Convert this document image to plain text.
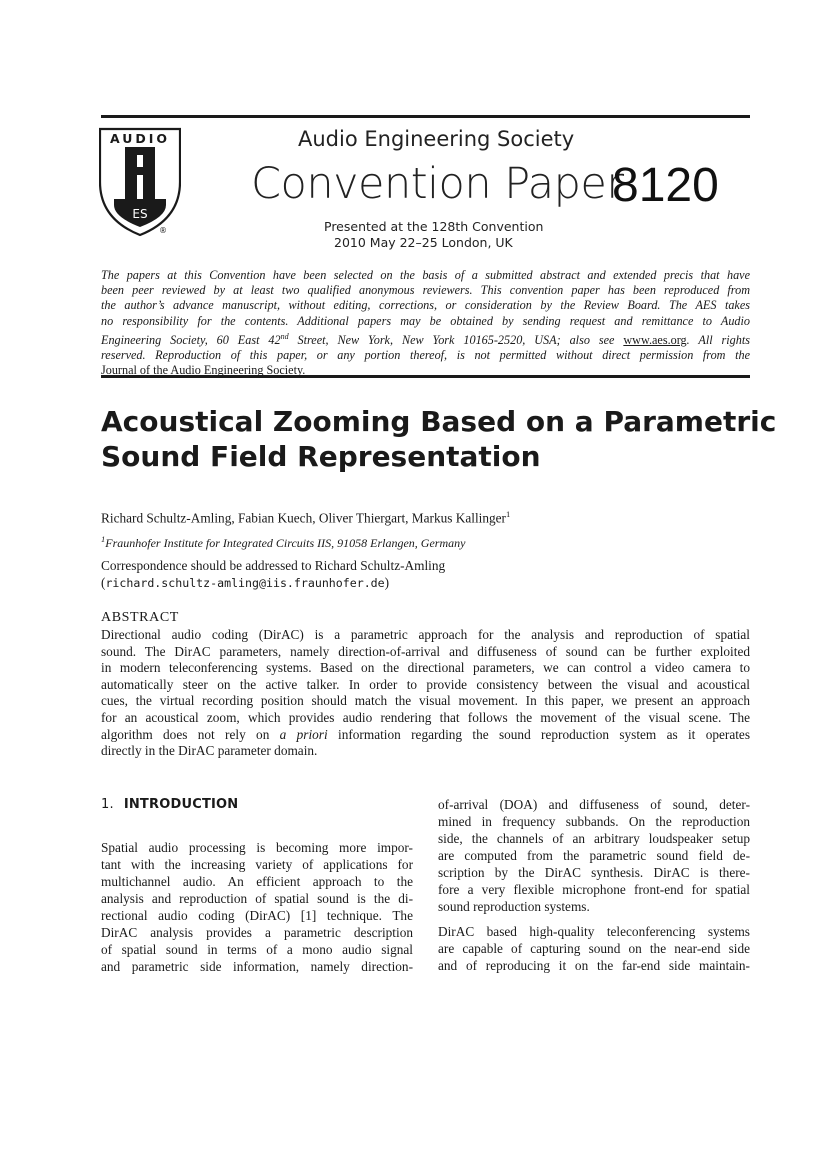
AUDIO
ES
®
Audio Engineering Society
Convention Paper
8120
Presented at the 128th Convention
2010 May 22–25 London, UK
The papers at this Convention have been selected on the basis of a submitted abstract and extended precis that have
been peer reviewed by at least two qualified anonymous reviewers. This convention paper has been reproduced from
the author’s advance manuscript, without editing, corrections, or consideration by the Review Board. The AES takes
no responsibility for the contents. Additional papers may be obtained by sending request and remittance to Audio
Engineering Society, 60 East 42nd Street, New York, New York 10165-2520, USA; also see www.aes.org. All rights
reserved. Reproduction of this paper, or any portion thereof, is not permitted without direct permission from the
Journal of the Audio Engineering Society.
Acoustical Zooming Based on a Parametric
Sound Field Representation
Richard Schultz-Amling, Fabian Kuech, Oliver Thiergart, Markus Kallinger$^1$
$^1$Fraunhofer Institute for Integrated Circuits IIS, 91058 Erlangen, Germany
Correspondence should be addressed to Richard Schultz-Amling
(richard.schultz-amling@iis.fraunhofer.de)
ABSTRACT
Directional audio coding (DirAC) is a parametric approach for the analysis and reproduction of spatial
sound. The DirAC parameters, namely direction-of-arrival and diffuseness of sound can be further exploited
in modern teleconferencing systems. Based on the directional parameters, we can control a video camera to
automatically steer on the active talker. In order to provide consistency between the visual and acoustical
cues, the virtual recording position should match the visual movement. In this paper, we present an approach
for an acoustical zoom, which provides audio rendering that follows the movement of the visual scene. The
algorithm does not rely on a priori information regarding the sound reproduction system as it operates
directly in the DirAC parameter domain.
1. INTRODUCTION
Spatial audio processing is becoming more impor-
tant with the increasing variety of applications for
multichannel audio. An efficient approach to the
analysis and reproduction of spatial sound is the di-
rectional audio coding (DirAC) [1] technique. The
DirAC analysis provides a parametric description
of spatial sound in terms of a mono audio signal
and parametric side information, namely direction-
of-arrival (DOA) and diffuseness of sound, deter-
mined in frequency subbands. On the reproduction
side, the channels of an arbitrary loudspeaker setup
are computed from the parametric sound field de-
scription by the DirAC synthesis. DirAC is there-
fore a very flexible microphone front-end for spatial
sound reproduction systems.
DirAC based high-quality teleconferencing systems
are capable of capturing sound on the near-end side
and of reproducing it on the far-end side maintain-
